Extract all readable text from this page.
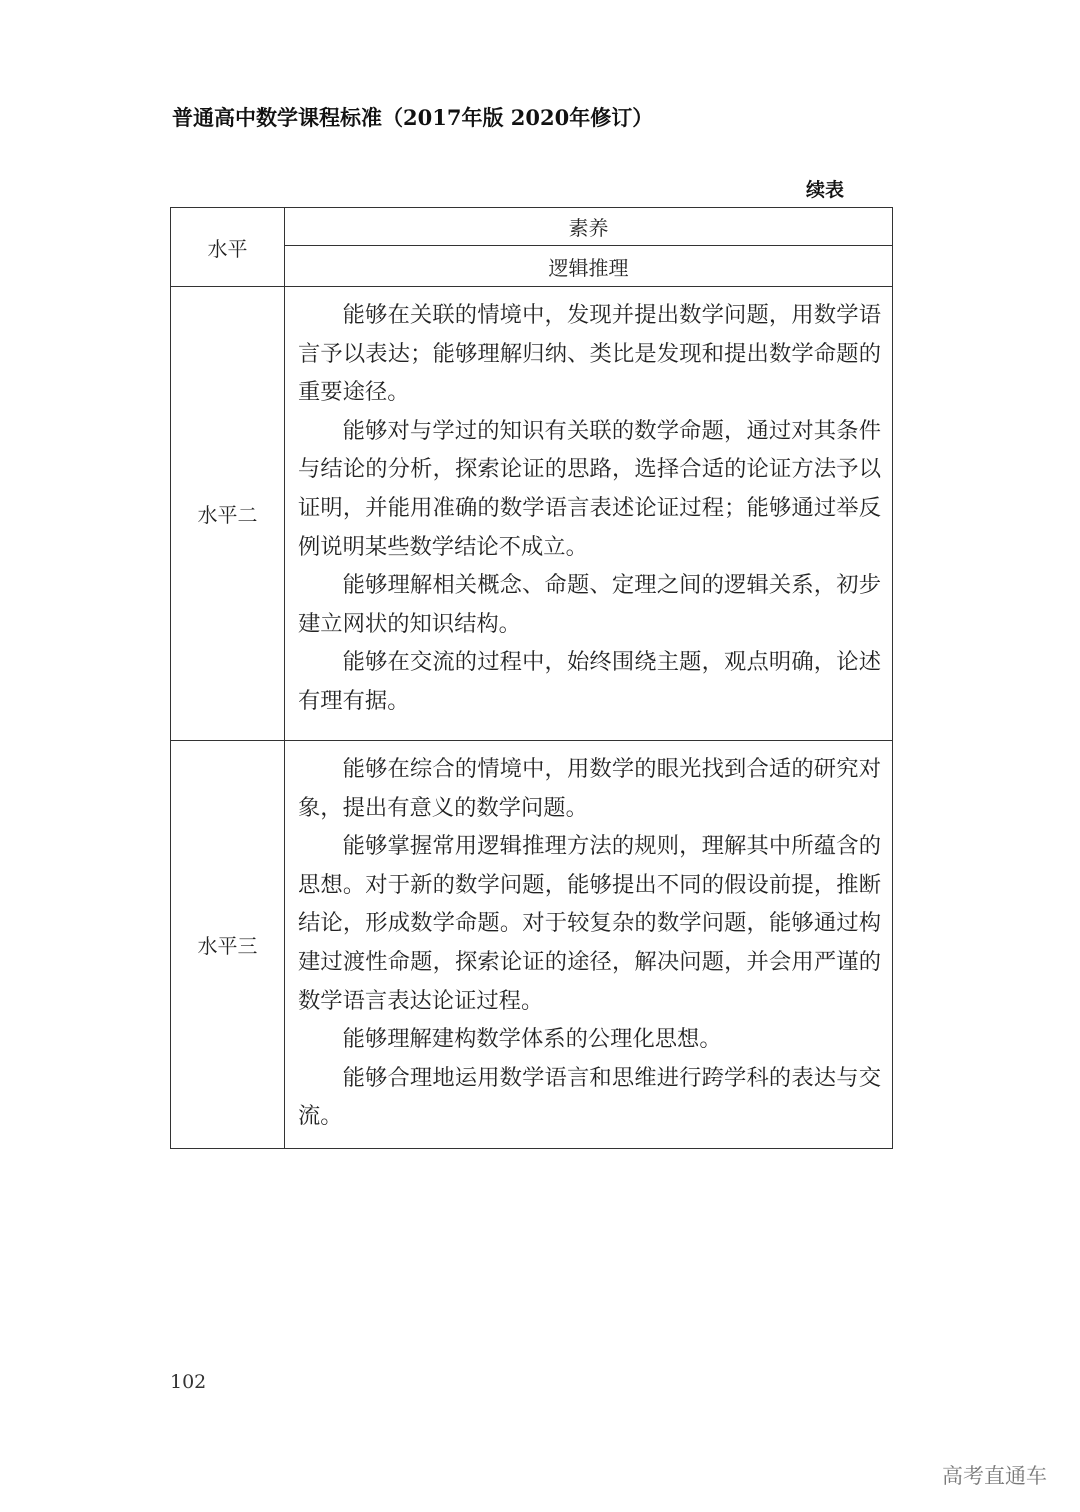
普通高中数学课程标准（2017年版 2020年修订）
续表
水平	素养
	逻辑推理
水平二	能够在关联的情境中，发现并提出数学问题，用数学语言予以表达；能够理解归纳、类比是发现和提出数学命题的重要途径。

能够对与学过的知识有关联的数学命题，通过对其条件与结论的分析，探索论证的思路，选择合适的论证方法予以证明，并能用准确的数学语言表述论证过程；能够通过举反例说明某些数学结论不成立。

能够理解相关概念、命题、定理之间的逻辑关系，初步建立网状的知识结构。

能够在交流的过程中，始终围绕主题，观点明确，论述有理有据。

水平三	能够在综合的情境中，用数学的眼光找到合适的研究对象，提出有意义的数学问题。

能够掌握常用逻辑推理方法的规则，理解其中所蕴含的思想。对于新的数学问题，能够提出不同的假设前提，推断结论，形成数学命题。对于较复杂的数学问题，能够通过构建过渡性命题，探索论证的途径，解决问题，并会用严谨的数学语言表达论证过程。

能够理解建构数学体系的公理化思想。

能够合理地运用数学语言和思维进行跨学科的表达与交流。

102
高考直通车
